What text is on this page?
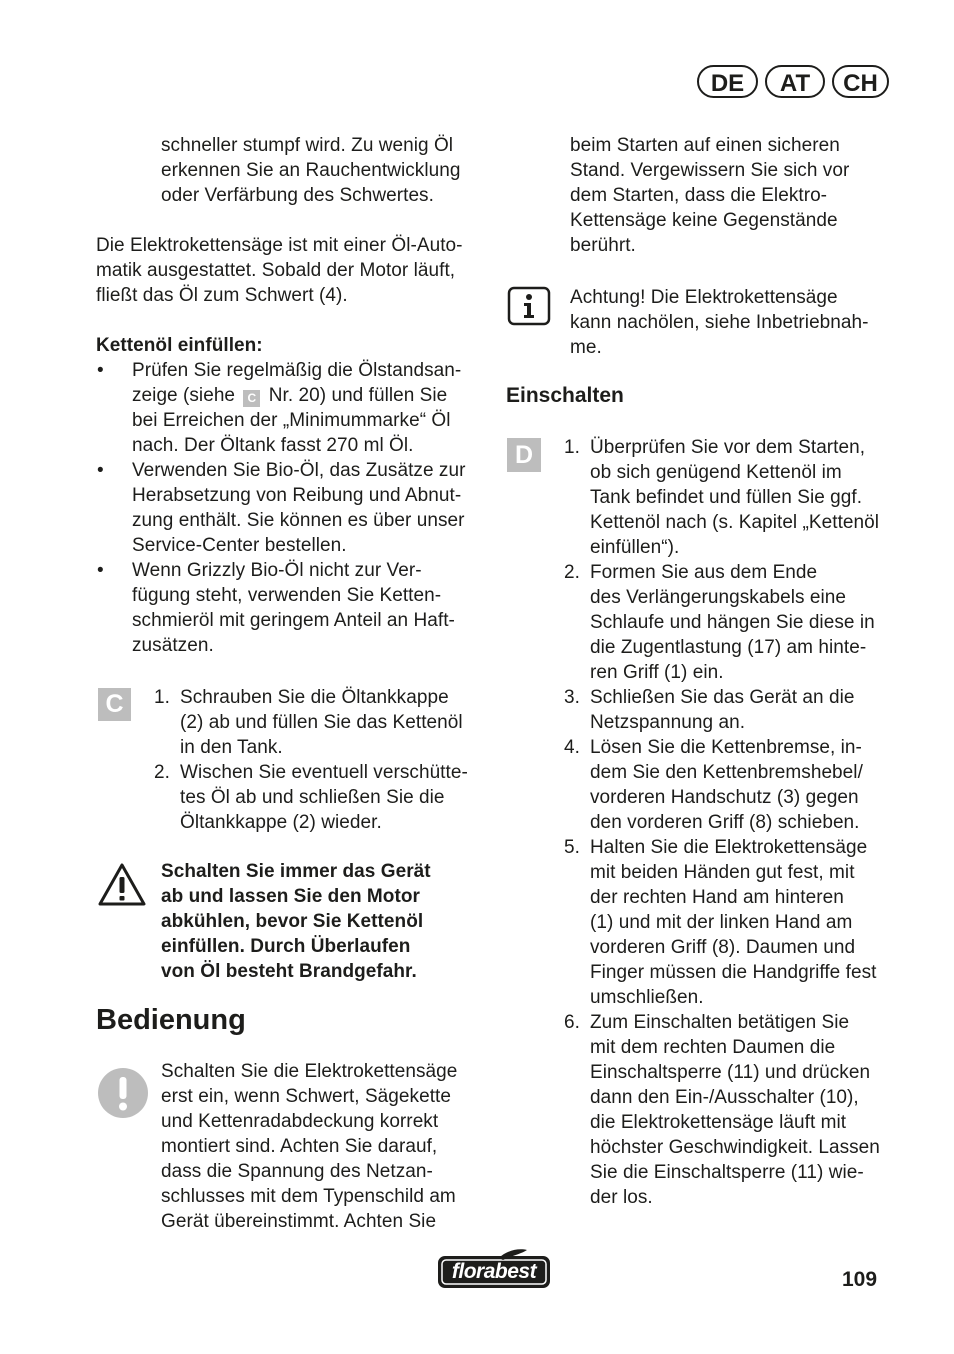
DE	AT	CH
schneller stumpf wird. Zu wenig Öl
erkennen Sie an Rauchentwicklung
oder Verfärbung des Schwertes.
Die Elektrokettensäge ist mit einer Öl-Auto-
matik ausgestattet. Sobald der Motor läuft,
fließt das Öl zum Schwert (4).
Kettenöl einfüllen:
• Prüfen Sie regelmäßig die Ölstandsan-
zeige (siehe C Nr. 20) und füllen Sie
bei Erreichen der „Minimummarke“ Öl
nach. Der Öltank fasst 270 ml Öl.
• Verwenden Sie Bio-Öl, das Zusätze zur
Herabsetzung von Reibung und Abnut-
zung enthält. Sie können es über unser
Service-Center bestellen.
• Wenn Grizzly Bio-Öl nicht zur Ver-
fügung steht, verwenden Sie Ketten-
schmieröl mit geringem Anteil an Haft-
zusätzen.
C	1. Schrauben Sie die Öltankkappe
(2) ab und füllen Sie das Kettenöl
in den Tank.
2. Wischen Sie eventuell verschütte-
tes Öl ab und schließen Sie die
Öltankkappe (2) wieder.
Schalten Sie immer das Gerät
ab und lassen Sie den Motor
abkühlen, bevor Sie Kettenöl
einfüllen. Durch Überlaufen
von Öl besteht Brandgefahr.
Bedienung
Schalten Sie die Elektrokettensäge
erst ein, wenn Schwert, Sägekette
und Kettenradabdeckung korrekt
montiert sind. Achten Sie darauf,
dass die Spannung des Netzan-
schlusses mit dem Typenschild am
Gerät übereinstimmt. Achten Sie
beim Starten auf einen sicheren
Stand. Vergewissern Sie sich vor
dem Starten, dass die Elektro-
Kettensäge keine Gegenstände
berührt.
Achtung! Die Elektrokettensäge
kann nachölen, siehe Inbetriebnah-
me.
Einschalten
D	1. Überprüfen Sie vor dem Starten,
ob sich genügend Kettenöl im
Tank befindet und füllen Sie ggf.
Kettenöl nach (s. Kapitel „Kettenöl
einfüllen“).
2. Formen Sie aus dem Ende
des Verlängerungskabels eine
Schlaufe und hängen Sie diese in
die Zugentlastung (17) am hinte-
ren Griff (1) ein.
3. Schließen Sie das Gerät an die
Netzspannung an.
4. Lösen Sie die Kettenbremse, in-
dem Sie den Kettenbremshebel/
vorderen Handschutz (3) gegen
den vorderen Griff (8) schieben.
5. Halten Sie die Elektrokettensäge
mit beiden Händen gut fest, mit
der rechten Hand am hinteren
(1) und mit der linken Hand am
vorderen Griff (8). Daumen und
Finger müssen die Handgriffe fest
umschließen.
6. Zum Einschalten betätigen Sie
mit dem rechten Daumen die
Einschaltsperre (11) und drücken
dann den Ein-/Ausschalter (10),
die Elektrokettensäge läuft mit
höchster Geschwindigkeit. Lassen
Sie die Einschaltsperre (11) wie-
der los.
florabest	109
